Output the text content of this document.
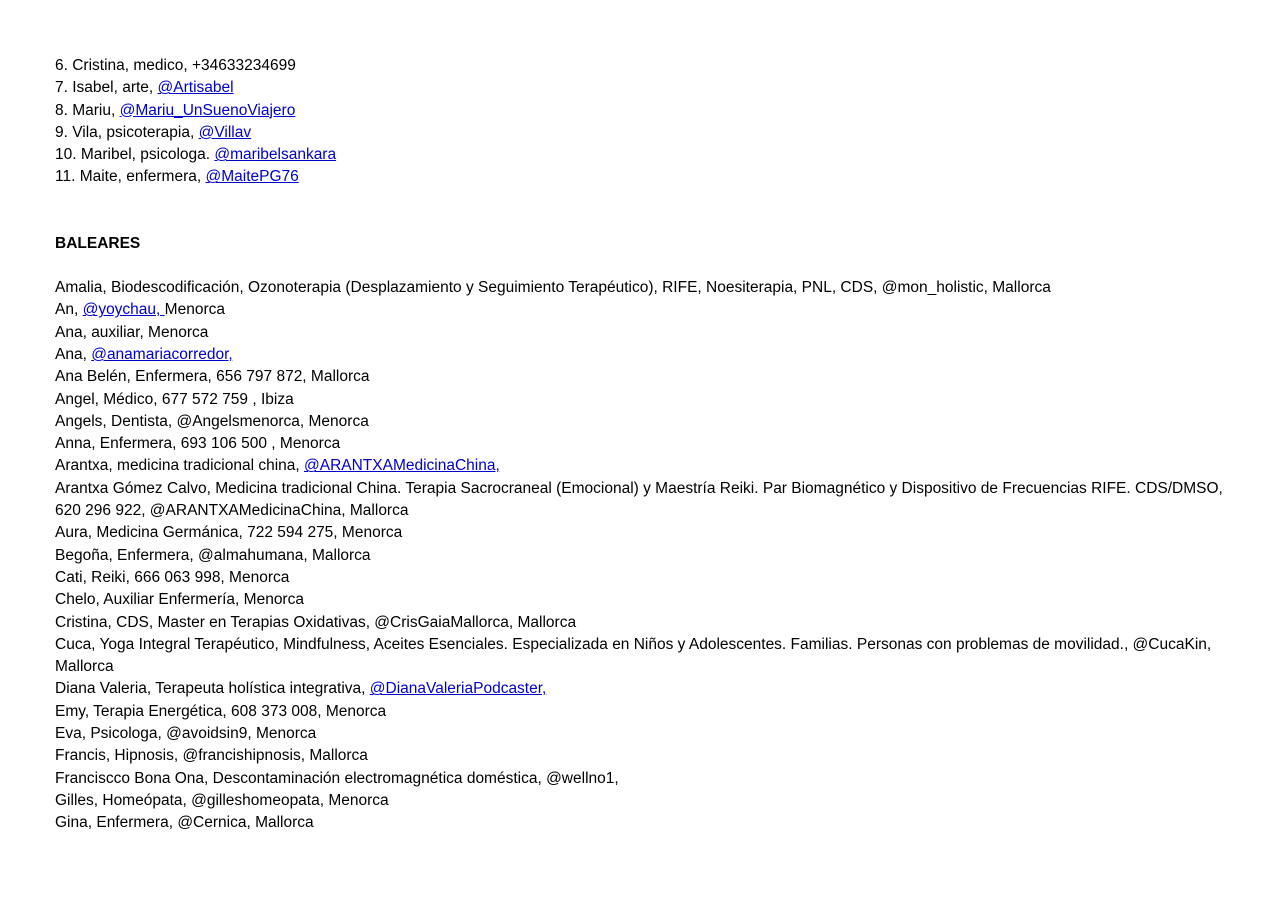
6. Cristina, medico, +34633234699

7. Isabel, arte, @Artisabel

8. Mariu, @Mariu_UnSuenoViajero

9. Vila, psicoterapia, @Villav

10. Maribel, psicologa. @maribelsankara

11. Maite, enfermera, @MaitePG76

BALEARES

Amalia, Biodescodificación, Ozonoterapia (Desplazamiento y Seguimiento Terapéutico), RIFE, Noesiterapia, PNL, CDS, @mon_holistic, Mallorca

An, @yoychau, Menorca

Ana, auxiliar, Menorca

Ana, @anamariacorredor,

Ana Belén, Enfermera, 656 797 872, Mallorca

Angel, Médico, 677 572 759 , Ibiza

Angels, Dentista, @Angelsmenorca, Menorca

Anna, Enfermera, 693 106 500 , Menorca

Arantxa, medicina tradicional china, @ARANTXAMedicinaChina,

Arantxa Gómez Calvo, Medicina tradicional China. Terapia Sacrocraneal (Emocional) y Maestría Reiki. Par Biomagnético y Dispositivo de Frecuencias RIFE. CDS/DMSO, 620 296 922, @ARANTXAMedicinaChina, Mallorca

Aura, Medicina Germánica, 722 594 275, Menorca

Begoña, Enfermera, @almahumana, Mallorca

Cati, Reiki, 666 063 998, Menorca

Chelo, Auxiliar Enfermería, Menorca

Cristina, CDS, Master en Terapias Oxidativas, @CrisGaiaMallorca, Mallorca

Cuca, Yoga Integral Terapéutico, Mindfulness, Aceites Esenciales. Especializada en Niños y Adolescentes. Familias. Personas con problemas de movilidad., @CucaKin, Mallorca

Diana Valeria, Terapeuta holística integrativa, @DianaValeriaPodcaster,

Emy, Terapia Energética, 608 373 008, Menorca

Eva, Psicologa, @avoidsin9, Menorca

Francis, Hipnosis, @francishipnosis, Mallorca

Franciscco Bona Ona, Descontaminación electromagnética doméstica, @wellno1,

Gilles, Homeópata, @gilleshomeopata, Menorca

Gina, Enfermera, @Cernica, Mallorca
